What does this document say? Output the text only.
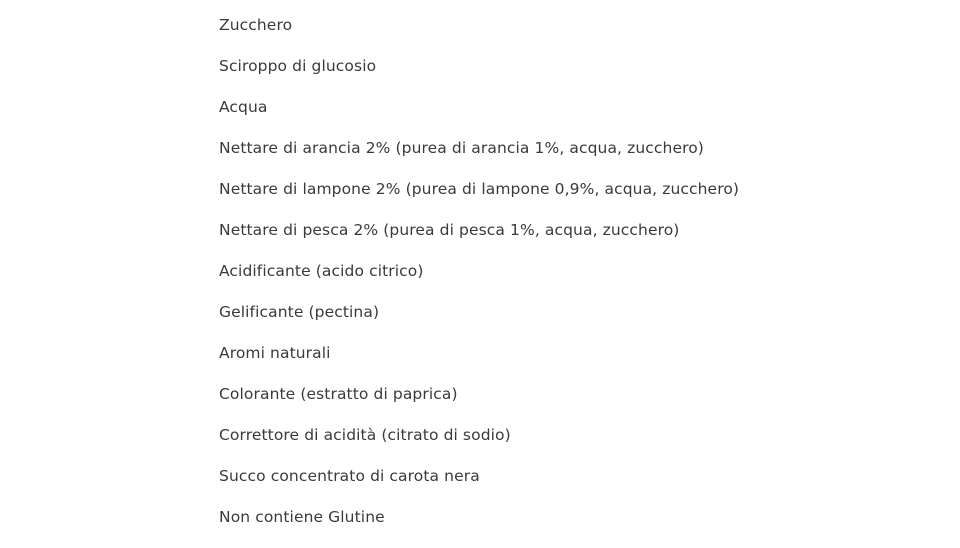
Zucchero
Sciroppo di glucosio
Acqua
Nettare di arancia 2% (purea di arancia 1%, acqua, zucchero)
Nettare di lampone 2% (purea di lampone 0,9%, acqua, zucchero)
Nettare di pesca 2% (purea di pesca 1%, acqua, zucchero)
Acidificante (acido citrico)
Gelificante (pectina)
Aromi naturali
Colorante (estratto di paprica)
Correttore di acidità (citrato di sodio)
Succo concentrato di carota nera
Non contiene Glutine
